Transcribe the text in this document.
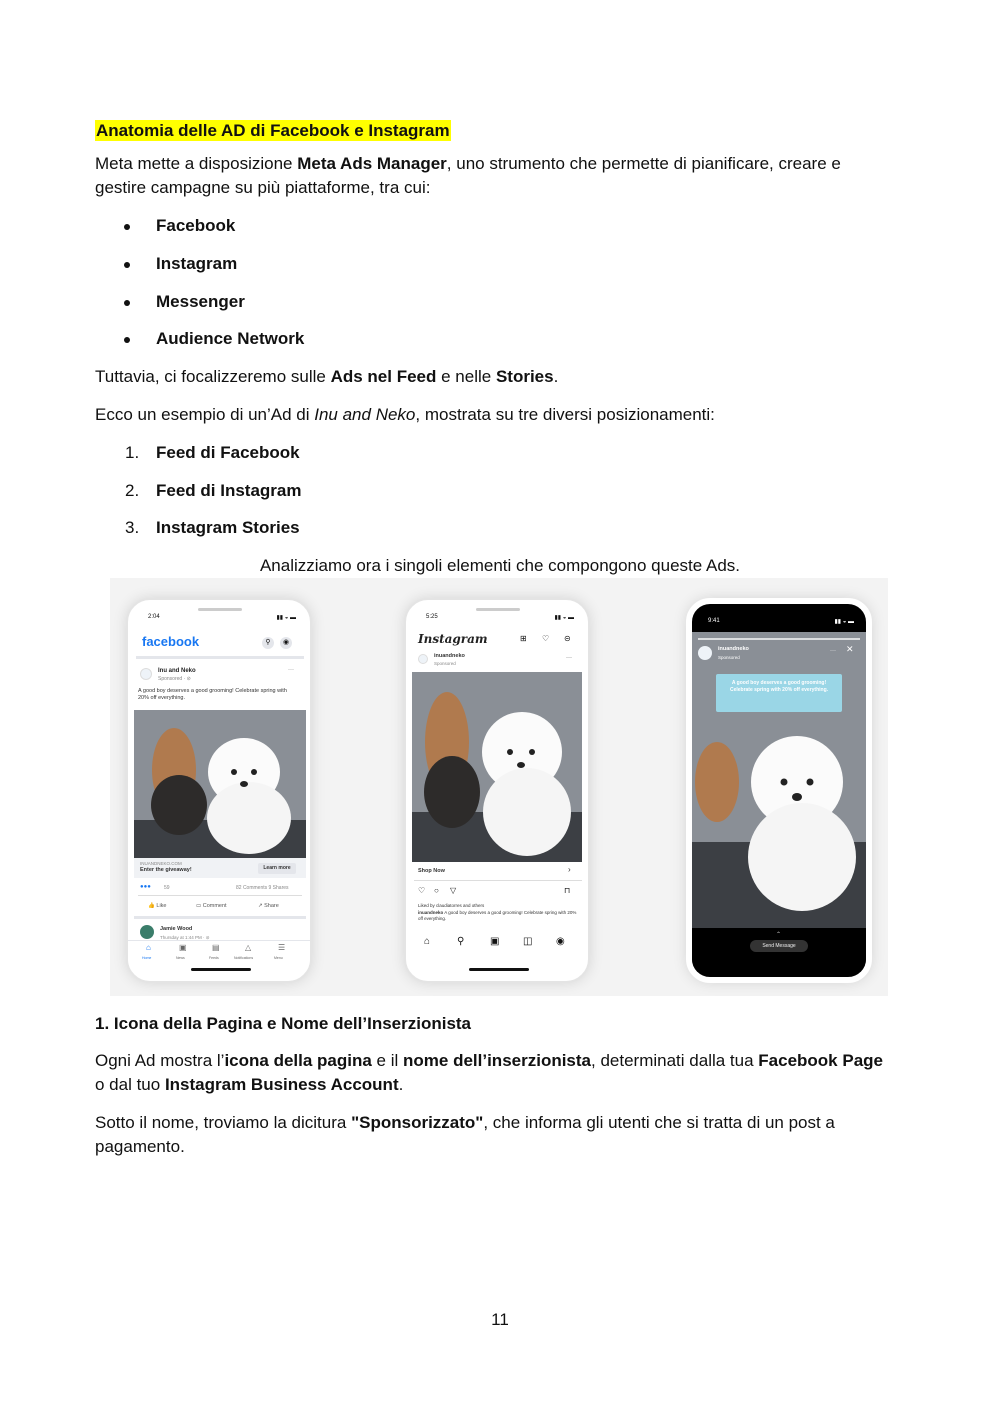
Anatomia delle AD di Facebook e Instagram
Meta mette a disposizione Meta Ads Manager, uno strumento che permette di pianificare, creare e gestire campagne su più piattaforme, tra cui:
Facebook
Instagram
Messenger
Audience Network
Tuttavia, ci focalizzeremo sulle Ads nel Feed e nelle Stories.
Ecco un esempio di un’Ad di Inu and Neko, mostrata su tre diversi posizionamenti:
1. Feed di Facebook
2. Feed di Instagram
3. Instagram Stories
Analizziamo ora i singoli elementi che compongono queste Ads.
2:04	▮▮ ◒ ▬
facebook	⚲	◉
Inu and Neko
Sponsored · ⊘
···
A good boy deserves a good grooming! Celebrate spring with 20% off everything.
INUANDNEKO.COM
Enter the giveaway!	Learn more
●●●	59	82 Comments 9 Shares
👍 Like	▭ Comment	↗ Share
Jamie Wood
Thursday at 1:44 PM · ⊘
⌂	▣	▤	△	☰
Home	News	Feeds	Notifications	Menu
5:25	▮▮ ◒ ▬
Instagram	⊞ ♡ ⊝
inuandneko
Sponsored
···
Shop Now	›
♡ ○ ▽	⊓
Liked by claudiatorres and others
inuandneko A good boy deserves a good grooming! Celebrate spring with 20% off everything.
⌂	⚲	▣ ◫ ◉
9:41	▮▮ ◒ ▬
inuandneko
Sponsored
··· ✕
A good boy deserves a good grooming! Celebrate spring with 20% off everything.
⌃
Send Message
1. Icona della Pagina e Nome dell’Inserzionista
Ogni Ad mostra l’icona della pagina e il nome dell’inserzionista, determinati dalla tua Facebook Page o dal tuo Instagram Business Account.
Sotto il nome, troviamo la dicitura "Sponsorizzato", che informa gli utenti che si tratta di un post a pagamento.
11
